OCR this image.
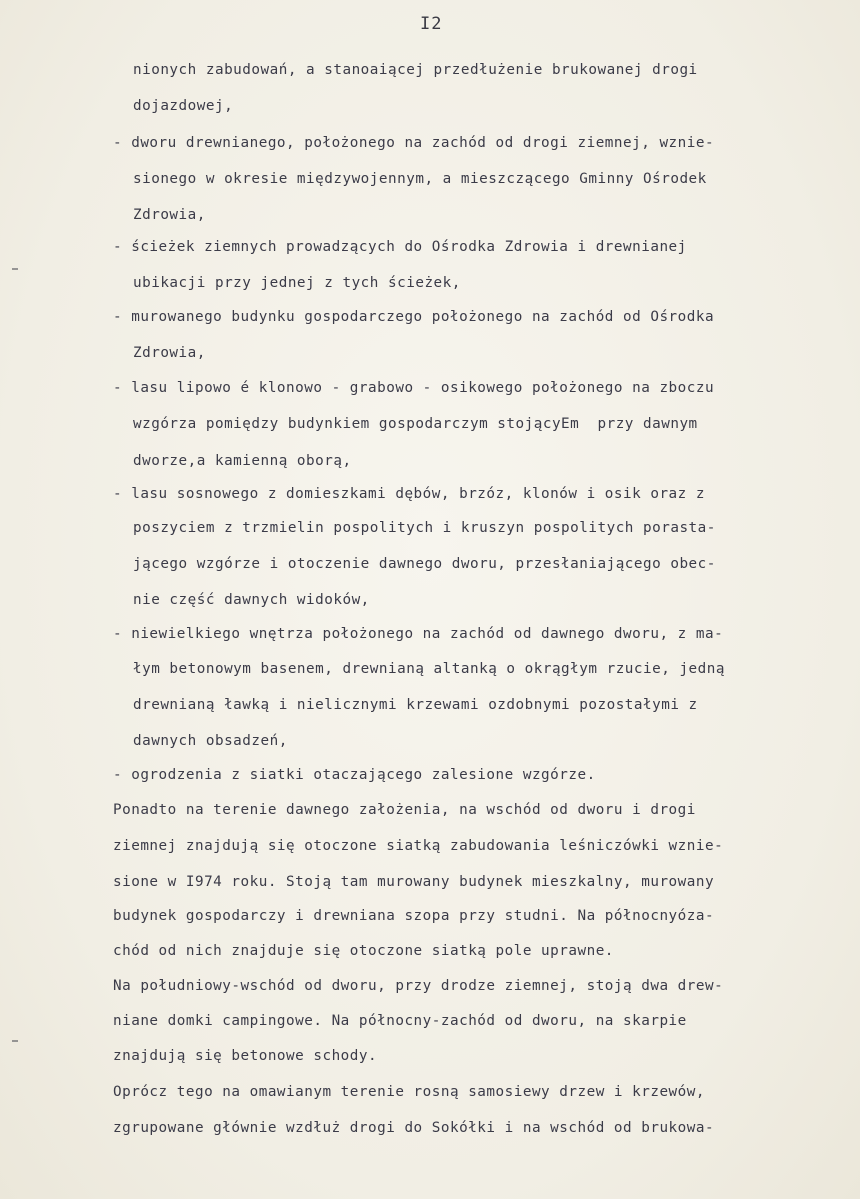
I2
nionych zabudowań, a stanoaiącej przedłużenie brukowanej drogi
dojazdowej,
- dworu drewnianego, położonego na zachód od drogi ziemnej, wznie-
sionego w okresie międzywojennym, a mieszczącego Gminny Ośrodek
Zdrowia,
- ścieżek ziemnych prowadzących do Ośrodka Zdrowia i drewnianej
ubikacji przy jednej z tych ścieżek,
- murowanego budynku gospodarczego położonego na zachód od Ośrodka
Zdrowia,
- lasu lipowo é klonowo - grabowo - osikowego położonego na zboczu
wzgórza pomiędzy budynkiem gospodarczym stojącyEm  przy dawnym
dworze,a kamienną oborą,
- lasu sosnowego z domieszkami dębów, brzóz, klonów i osik oraz z
poszyciem z trzmielin pospolitych i kruszyn pospolitych porasta-
jącego wzgórze i otoczenie dawnego dworu, przesłaniającego obec-
nie część dawnych widoków,
- niewielkiego wnętrza położonego na zachód od dawnego dworu, z ma-
łym betonowym basenem, drewnianą altanką o okrągłym rzucie, jedną
drewnianą ławką i nielicznymi krzewami ozdobnymi pozostałymi z
dawnych obsadzeń,
- ogrodzenia z siatki otaczającego zalesione wzgórze.
Ponadto na terenie dawnego założenia, na wschód od dworu i drogi
ziemnej znajdują się otoczone siatką zabudowania leśniczówki wznie-
sione w I974 roku. Stoją tam murowany budynek mieszkalny, murowany
budynek gospodarczy i drewniana szopa przy studni. Na północnyóza-
chód od nich znajduje się otoczone siatką pole uprawne.
Na południowy-wschód od dworu, przy drodze ziemnej, stoją dwa drew-
niane domki campingowe. Na północny-zachód od dworu, na skarpie
znajdują się betonowe schody.
Oprócz tego na omawianym terenie rosną samosiewy drzew i krzewów,
zgrupowane głównie wzdłuż drogi do Sokółki i na wschód od brukowa-
